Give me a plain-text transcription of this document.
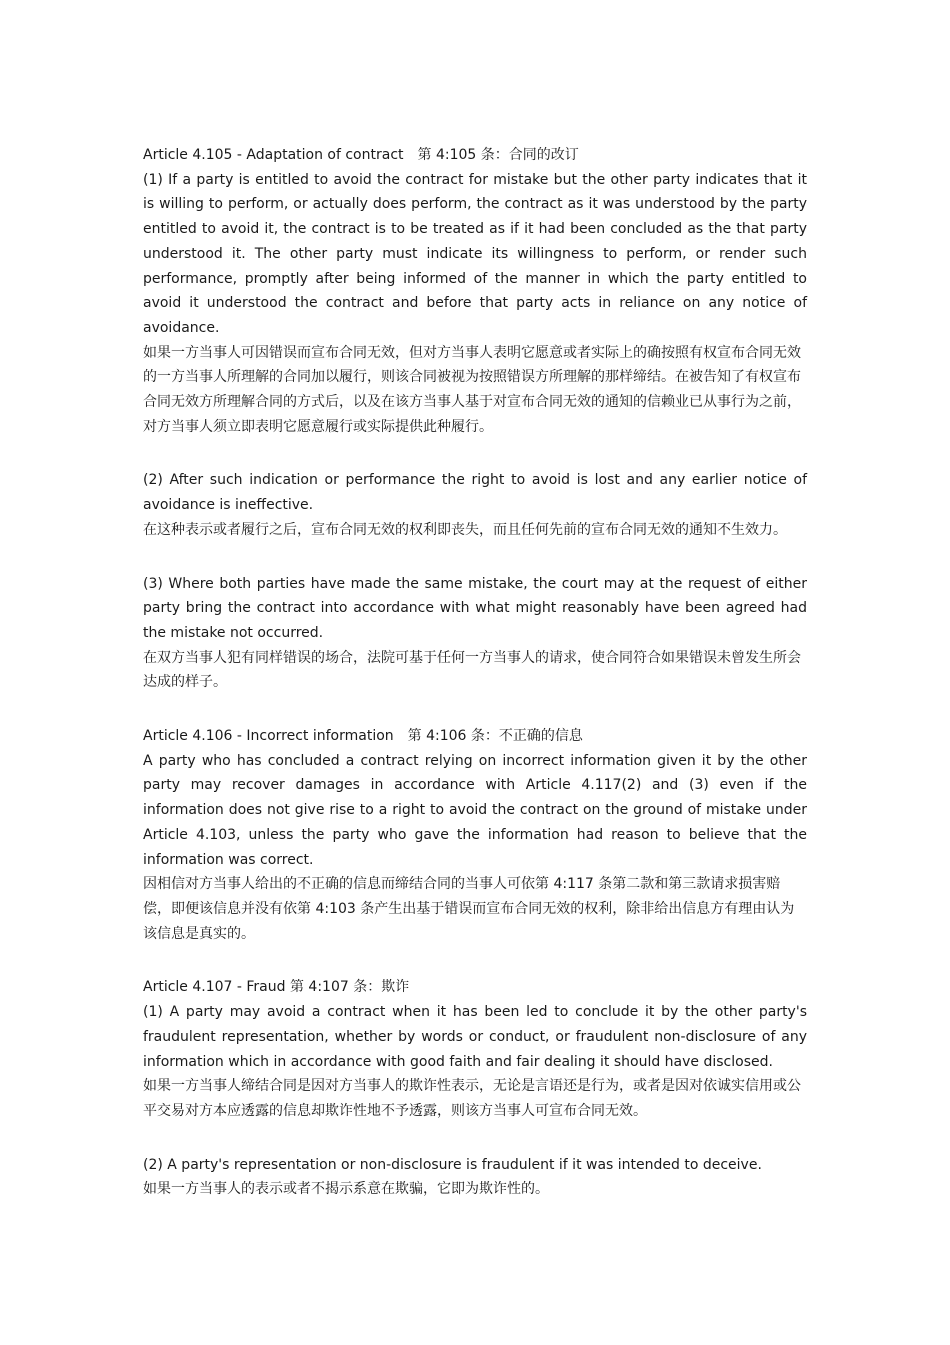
Article 4.105 - Adaptation of contract　第 4:105 条：合同的改订

(1) If a party is entitled to avoid the contract for mistake but the other party indicates that it is willing to perform, or actually does perform, the contract as it was understood by the party entitled to avoid it, the contract is to be treated as if it had been concluded as the that party understood it. The other party must indicate its willingness to perform, or render such performance, promptly after being informed of the manner in which the party entitled to avoid it understood the contract and before that party acts in reliance on any notice of avoidance.

如果一方当事人可因错误而宣布合同无效，但对方当事人表明它愿意或者实际上的确按照有权宣布合同无效的一方当事人所理解的合同加以履行，则该合同被视为按照错误方所理解的那样缔结。在被告知了有权宣布合同无效方所理解合同的方式后，以及在该方当事人基于对宣布合同无效的通知的信赖业已从事行为之前，对方当事人须立即表明它愿意履行或实际提供此种履行。

(2) After such indication or performance the right to avoid is lost and any earlier notice of avoidance is ineffective.

在这种表示或者履行之后，宣布合同无效的权利即丧失，而且任何先前的宣布合同无效的通知不生效力。

(3) Where both parties have made the same mistake, the court may at the request of either party bring the contract into accordance with what might reasonably have been agreed had the mistake not occurred.

在双方当事人犯有同样错误的场合，法院可基于任何一方当事人的请求，使合同符合如果错误未曾发生所会达成的样子。

Article 4.106 - Incorrect information　第 4:106 条：不正确的信息

A party who has concluded a contract relying on incorrect information given it by the other party may recover damages in accordance with Article 4.117(2) and (3) even if the information does not give rise to a right to avoid the contract on the ground of mistake under Article 4.103, unless the party who gave the information had reason to believe that the information was correct.

因相信对方当事人给出的不正确的信息而缔结合同的当事人可依第 4:117 条第二款和第三款请求损害赔偿，即便该信息并没有依第 4:103 条产生出基于错误而宣布合同无效的权利，除非给出信息方有理由认为该信息是真实的。

Article 4.107 - Fraud 第 4:107 条：欺诈

(1) A party may avoid a contract when it has been led to conclude it by the other party's fraudulent representation, whether by words or conduct, or fraudulent non-disclosure of any information which in accordance with good faith and fair dealing it should have disclosed.

如果一方当事人缔结合同是因对方当事人的欺诈性表示，无论是言语还是行为，或者是因对依诚实信用或公平交易对方本应透露的信息却欺诈性地不予透露，则该方当事人可宣布合同无效。

(2) A party's representation or non-disclosure is fraudulent if it was intended to deceive.

如果一方当事人的表示或者不揭示系意在欺骗，它即为欺诈性的。
